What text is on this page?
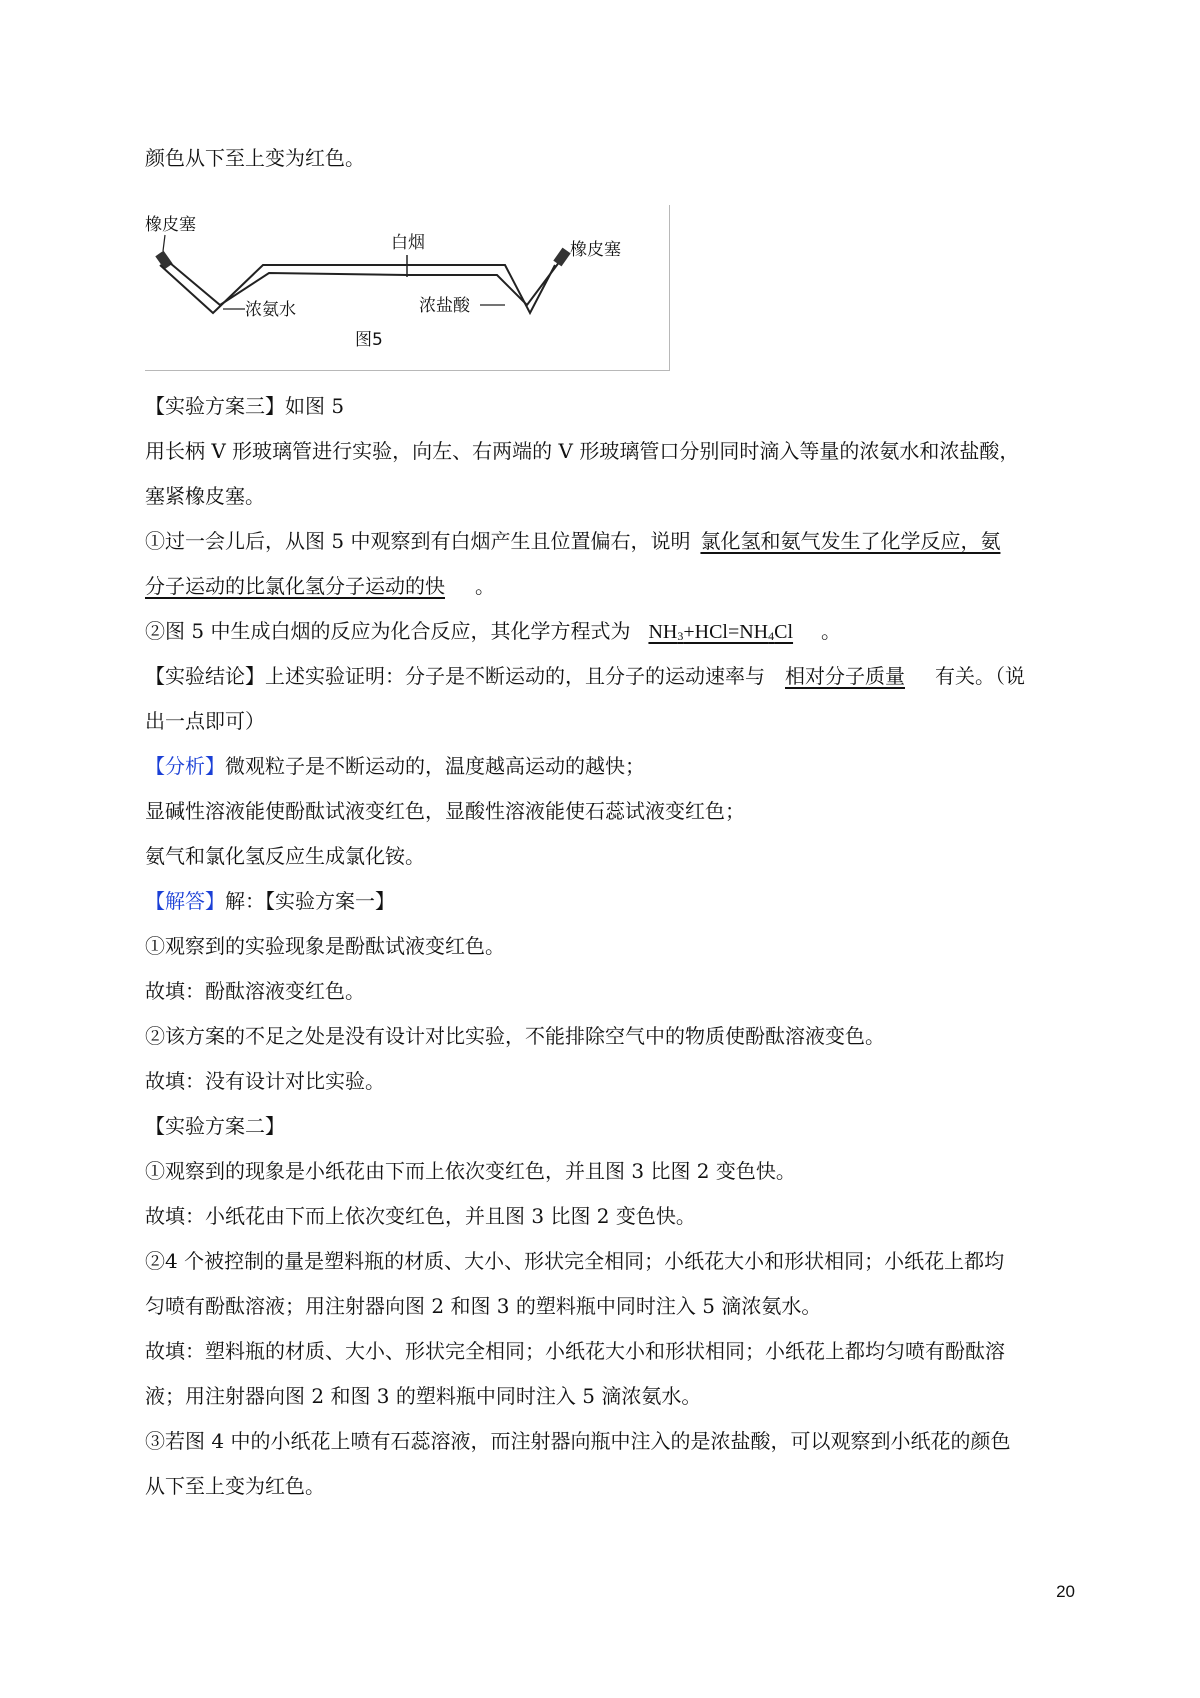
颜色从下至上变为红色。
橡皮塞
白烟	橡皮塞
浓氨水	浓盐酸
图5
【实验方案三】如图 5
用长柄 V 形玻璃管进行实验，向左、右两端的 V 形玻璃管口分别同时滴入等量的浓氨水和浓盐酸，
塞紧橡皮塞。
①过一会儿后，从图 5 中观察到有白烟产生且位置偏右，说明 氯化氢和氨气发生了化学反应，氨
分子运动的比氯化氢分子运动的快 。
②图 5 中生成白烟的反应为化合反应，其化学方程式为 $NH_3+HCl=NH_4Cl$ 。
【实验结论】上述实验证明：分子是不断运动的，且分子的运动速率与 相对分子质量 有关。（说
出一点即可）
【分析】微观粒子是不断运动的，温度越高运动的越快；
显碱性溶液能使酚酞试液变红色，显酸性溶液能使石蕊试液变红色；
氨气和氯化氢反应生成氯化铵。
【解答】解：【实验方案一】
①观察到的实验现象是酚酞试液变红色。
故填：酚酞溶液变红色。
②该方案的不足之处是没有设计对比实验，不能排除空气中的物质使酚酞溶液变色。
故填：没有设计对比实验。
【实验方案二】
①观察到的现象是小纸花由下而上依次变红色，并且图 3 比图 2 变色快。
故填：小纸花由下而上依次变红色，并且图 3 比图 2 变色快。
②4 个被控制的量是塑料瓶的材质、大小、形状完全相同；小纸花大小和形状相同；小纸花上都均
匀喷有酚酞溶液；用注射器向图 2 和图 3 的塑料瓶中同时注入 5 滴浓氨水。
故填：塑料瓶的材质、大小、形状完全相同；小纸花大小和形状相同；小纸花上都均匀喷有酚酞溶
液；用注射器向图 2 和图 3 的塑料瓶中同时注入 5 滴浓氨水。
③若图 4 中的小纸花上喷有石蕊溶液，而注射器向瓶中注入的是浓盐酸，可以观察到小纸花的颜色
从下至上变为红色。
20
